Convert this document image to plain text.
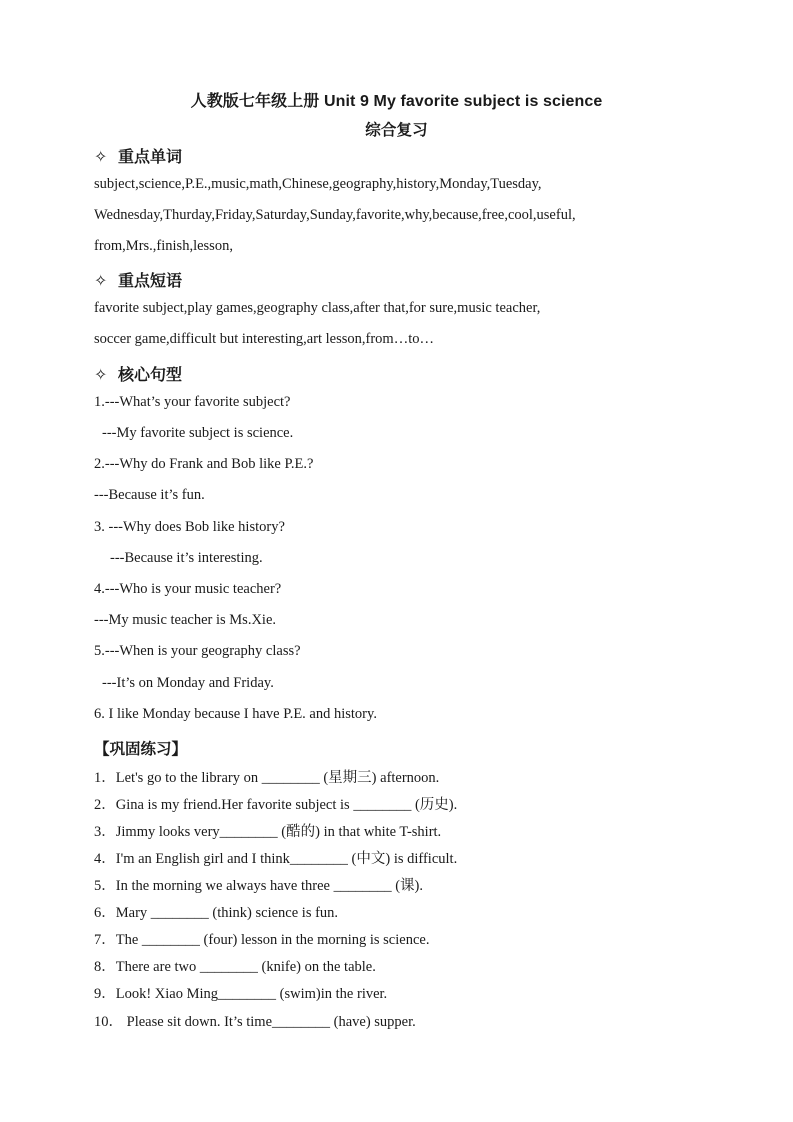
人教版七年级上册 Unit 9 My favorite subject is science
综合复习
✧ 重点单词
subject,science,P.E.,music,math,Chinese,geography,history,Monday,Tuesday,
Wednesday,Thurday,Friday,Saturday,Sunday,favorite,why,because,free,cool,useful,
from,Mrs.,finish,lesson,
✧ 重点短语
favorite subject,play games,geography class,after that,for sure,music teacher,
soccer game,difficult but interesting,art lesson,from…to…
✧ 核心句型
1.---What’s your favorite subject?
---My favorite subject is science.
2.---Why do Frank and Bob like P.E.?
---Because it’s fun.
3. ---Why does Bob like history?
---Because it’s interesting.
4.---Who is your music teacher?
---My music teacher is Ms.Xie.
5.---When is your geography class?
---It’s on Monday and Friday.
6. I like Monday because I have P.E. and history.
【巩固练习】
1．Let's go to the library on ________ (星期三) afternoon.
2．Gina is my friend.Her favorite subject is ________ (历史).
3．Jimmy looks very________ (酷的) in that white T-shirt.
4．I'm an English girl and I think________ (中文) is difficult.
5．In the morning we always have three ________ (课).
6．Mary ________ (think) science is fun.
7．The ________ (four) lesson in the morning is science.
8．There are two ________ (knife) on the table.
9．Look! Xiao Ming________ (swim)in the river.
10． Please sit down. It’s time________ (have) supper.
